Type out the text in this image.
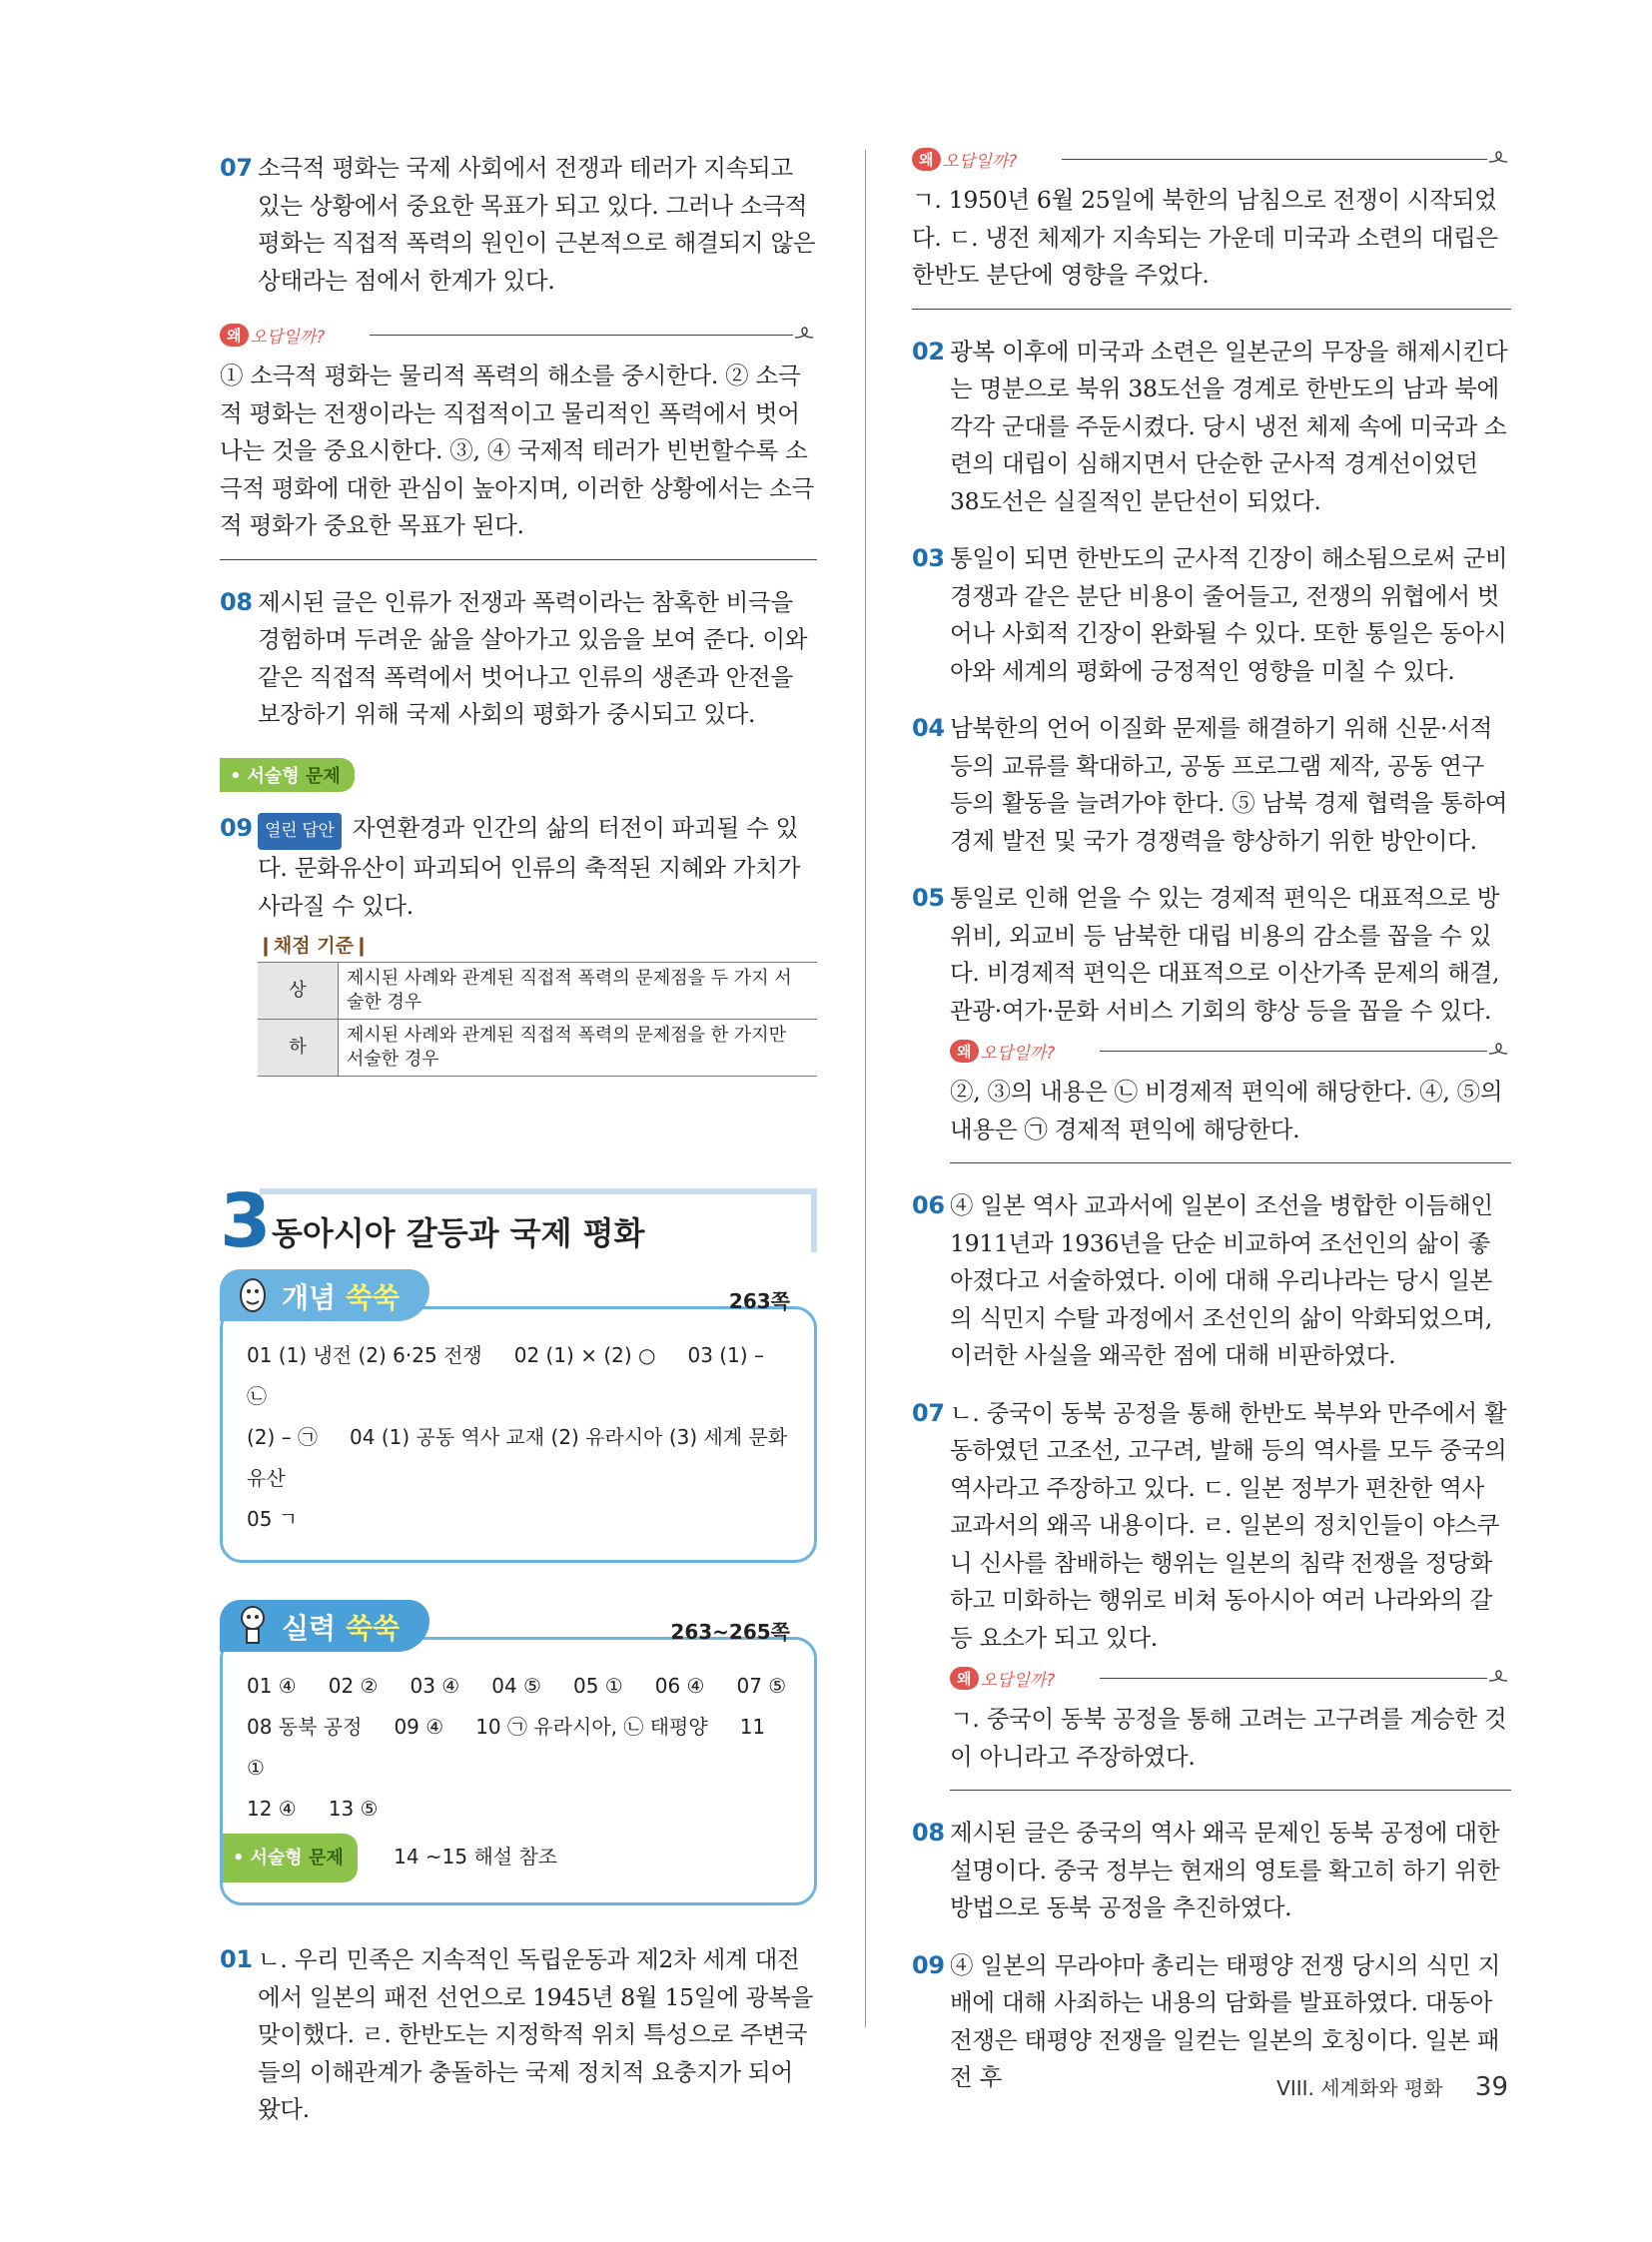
07 소극적 평화는 국제 사회에서 전쟁과 테러가 지속되고 있는 상황에서 중요한 목표가 되고 있다. 그러나 소극적 평화는 직접적 폭력의 원인이 근본적으로 해결되지 않은 상태라는 점에서 한계가 있다.
왜 오답일까?
① 소극적 평화는 물리적 폭력의 해소를 중시한다. ② 소극적 평화는 전쟁이라는 직접적이고 물리적인 폭력에서 벗어나는 것을 중요시한다. ③, ④ 국제적 테러가 빈번할수록 소극적 평화에 대한 관심이 높아지며, 이러한 상황에서는 소극적 평화가 중요한 목표가 된다.
08 제시된 글은 인류가 전쟁과 폭력이라는 참혹한 비극을 경험하며 두려운 삶을 살아가고 있음을 보여 준다. 이와 같은 직접적 폭력에서 벗어나고 인류의 생존과 안전을 보장하기 위해 국제 사회의 평화가 중시되고 있다.
• 서술형 문제
09 열린 답안 자연환경과 인간의 삶의 터전이 파괴될 수 있다. 문화유산이 파괴되어 인류의 축적된 지혜와 가치가 사라질 수 있다.
❙채점 기준❙
상	제시된 사례와 관계된 직접적 폭력의 문제점을 두 가지 서술한 경우
하	제시된 사례와 관계된 직접적 폭력의 문제점을 한 가지만 서술한 경우
3 동아시아 갈등과 국제 평화
개념 쑥쑥	263쪽
01 (1) 냉전 (2) 6·25 전쟁 02 (1) × (2) ○ 03 (1) – ㉡
(2) – ㉠ 04 (1) 공동 역사 교재 (2) 유라시아 (3) 세계 문화유산
05 ㄱ
실력 쑥쑥	263~265쪽
01 ④ 02 ② 03 ④ 04 ⑤ 05 ① 06 ④ 07 ⑤
08 동북 공정 09 ④ 10 ㉠ 유라시아, ㉡ 태평양 11 ①
12 ④ 13 ⑤
• 서술형 문제	14 ~15 해설 참조
01 ㄴ. 우리 민족은 지속적인 독립운동과 제2차 세계 대전에서 일본의 패전 선언으로 1945년 8월 15일에 광복을 맞이했다. ㄹ. 한반도는 지정학적 위치 특성으로 주변국들의 이해관계가 충돌하는 국제 정치적 요충지가 되어 왔다.
왜 오답일까?
ㄱ. 1950년 6월 25일에 북한의 남침으로 전쟁이 시작되었다. ㄷ. 냉전 체제가 지속되는 가운데 미국과 소련의 대립은 한반도 분단에 영향을 주었다.
02 광복 이후에 미국과 소련은 일본군의 무장을 해제시킨다는 명분으로 북위 38도선을 경계로 한반도의 남과 북에 각각 군대를 주둔시켰다. 당시 냉전 체제 속에 미국과 소련의 대립이 심해지면서 단순한 군사적 경계선이었던 38도선은 실질적인 분단선이 되었다.
03 통일이 되면 한반도의 군사적 긴장이 해소됨으로써 군비 경쟁과 같은 분단 비용이 줄어들고, 전쟁의 위협에서 벗어나 사회적 긴장이 완화될 수 있다. 또한 통일은 동아시아와 세계의 평화에 긍정적인 영향을 미칠 수 있다.
04 남북한의 언어 이질화 문제를 해결하기 위해 신문·서적 등의 교류를 확대하고, 공동 프로그램 제작, 공동 연구 등의 활동을 늘려가야 한다. ⑤ 남북 경제 협력을 통하여 경제 발전 및 국가 경쟁력을 향상하기 위한 방안이다.
05 통일로 인해 얻을 수 있는 경제적 편익은 대표적으로 방위비, 외교비 등 남북한 대립 비용의 감소를 꼽을 수 있다. 비경제적 편익은 대표적으로 이산가족 문제의 해결, 관광·여가·문화 서비스 기회의 향상 등을 꼽을 수 있다.
왜 오답일까?
②, ③의 내용은 ㉡ 비경제적 편익에 해당한다. ④, ⑤의 내용은 ㉠ 경제적 편익에 해당한다.
06 ④ 일본 역사 교과서에 일본이 조선을 병합한 이듬해인 1911년과 1936년을 단순 비교하여 조선인의 삶이 좋아졌다고 서술하였다. 이에 대해 우리나라는 당시 일본의 식민지 수탈 과정에서 조선인의 삶이 악화되었으며, 이러한 사실을 왜곡한 점에 대해 비판하였다.
07 ㄴ. 중국이 동북 공정을 통해 한반도 북부와 만주에서 활동하였던 고조선, 고구려, 발해 등의 역사를 모두 중국의 역사라고 주장하고 있다. ㄷ. 일본 정부가 편찬한 역사 교과서의 왜곡 내용이다. ㄹ. 일본의 정치인들이 야스쿠니 신사를 참배하는 행위는 일본의 침략 전쟁을 정당화하고 미화하는 행위로 비쳐 동아시아 여러 나라와의 갈등 요소가 되고 있다.
왜 오답일까?
ㄱ. 중국이 동북 공정을 통해 고려는 고구려를 계승한 것이 아니라고 주장하였다.
08 제시된 글은 중국의 역사 왜곡 문제인 동북 공정에 대한 설명이다. 중국 정부는 현재의 영토를 확고히 하기 위한 방법으로 동북 공정을 추진하였다.
09 ④ 일본의 무라야마 총리는 태평양 전쟁 당시의 식민 지배에 대해 사죄하는 내용의 담화를 발표하였다. 대동아 전쟁은 태평양 전쟁을 일컫는 일본의 호칭이다. 일본 패전 후	VIII. 세계화와 평화 39
